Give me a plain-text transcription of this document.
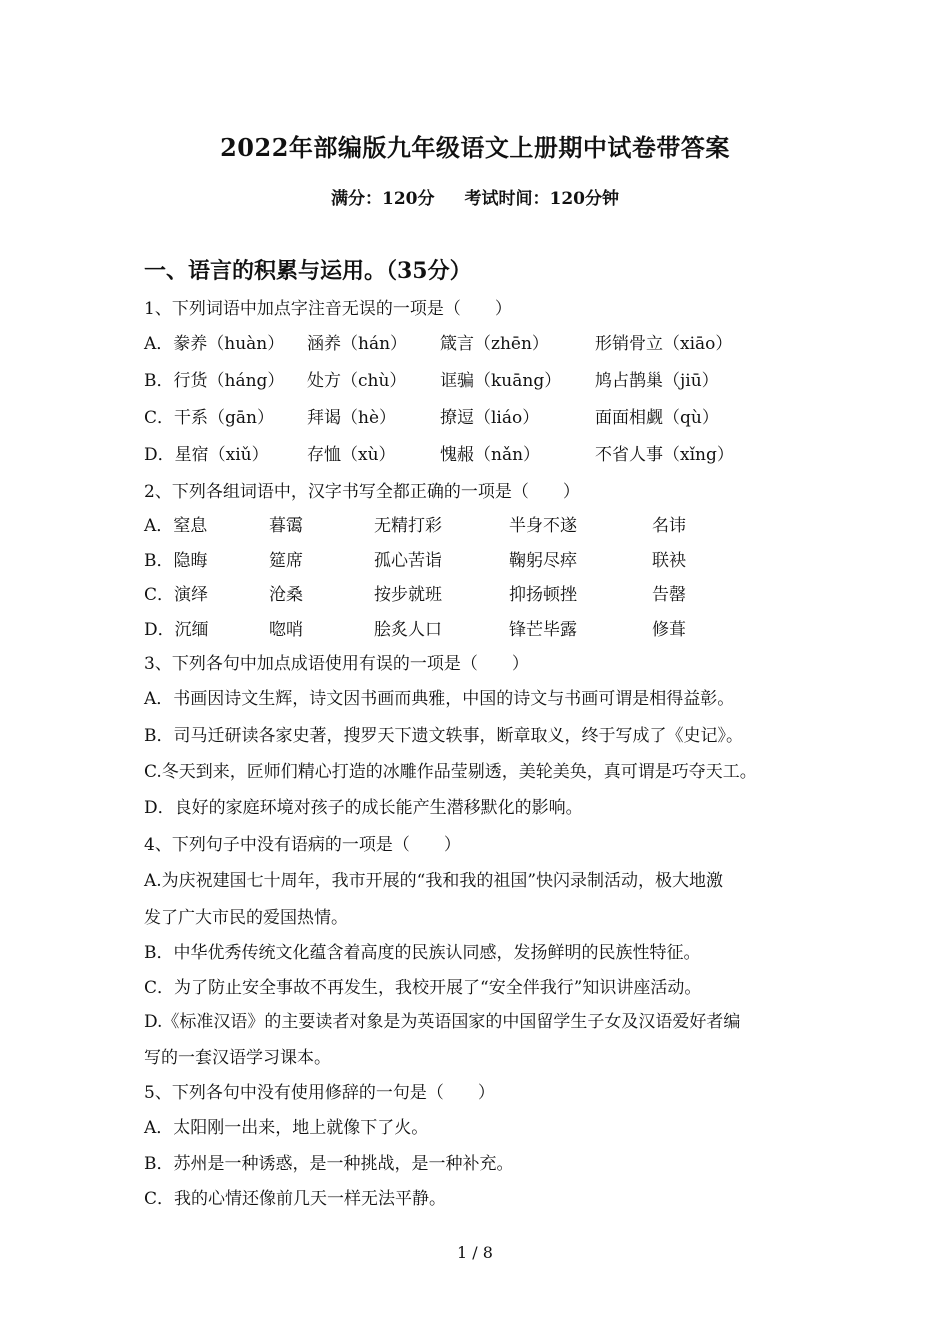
2022年部编版九年级语文上册期中试卷带答案
满分：120分 考试时间：120分钟
一、语言的积累与运用。（35分）
1、下列词语中加点字注音无误的一项是（　　）
A．豢养（huàn） 涵养（hán） 箴言（zhēn）	形销骨立（xiāo）
B．行货（háng） 处方（chù） 诓骗（kuāng） 鸠占鹊巢（jiū）
C．干系（gān） 拜谒（hè）	撩逗（liáo）	面面相觑（qù）
D．星宿（xiǔ） 存恤（xù）	愧赧（nǎn）	不省人事（xǐng）
2、下列各组词语中，汉字书写全都正确的一项是（　　）
A．窒息	暮霭	无精打彩	半身不遂	名讳
B．隐晦	筵席	孤心苦诣	鞠躬尽瘁	联袂
C．演绎	沧桑	按步就班	抑扬顿挫	告罄
D．沉缅	唿哨	脍炙人口	锋芒毕露	修葺
3、下列各句中加点成语使用有误的一项是（　　）
A．书画因诗文生辉，诗文因书画而典雅，中国的诗文与书画可谓是相得益彰。
B．司马迁研读各家史著，搜罗天下遗文轶事，断章取义，终于写成了《史记》。
C.冬天到来，匠师们精心打造的冰雕作品莹剔透，美轮美奂，真可谓是巧夺天工。
D．良好的家庭环境对孩子的成长能产生潜移默化的影响。
4、下列句子中没有语病的一项是（　　）
A.为庆祝建国七十周年，我市开展的“我和我的祖国”快闪录制活动，极大地激
发了广大市民的爱国热情。
B．中华优秀传统文化蕴含着高度的民族认同感，发扬鲜明的民族性特征。
C．为了防止安全事故不再发生，我校开展了“安全伴我行”知识讲座活动。
D.《标准汉语》的主要读者对象是为英语国家的中国留学生子女及汉语爱好者编
写的一套汉语学习课本。
5、下列各句中没有使用修辞的一句是（　　）
A．太阳刚一出来，地上就像下了火。
B．苏州是一种诱惑，是一种挑战，是一种补充。
C．我的心情还像前几天一样无法平静。
1 / 8
